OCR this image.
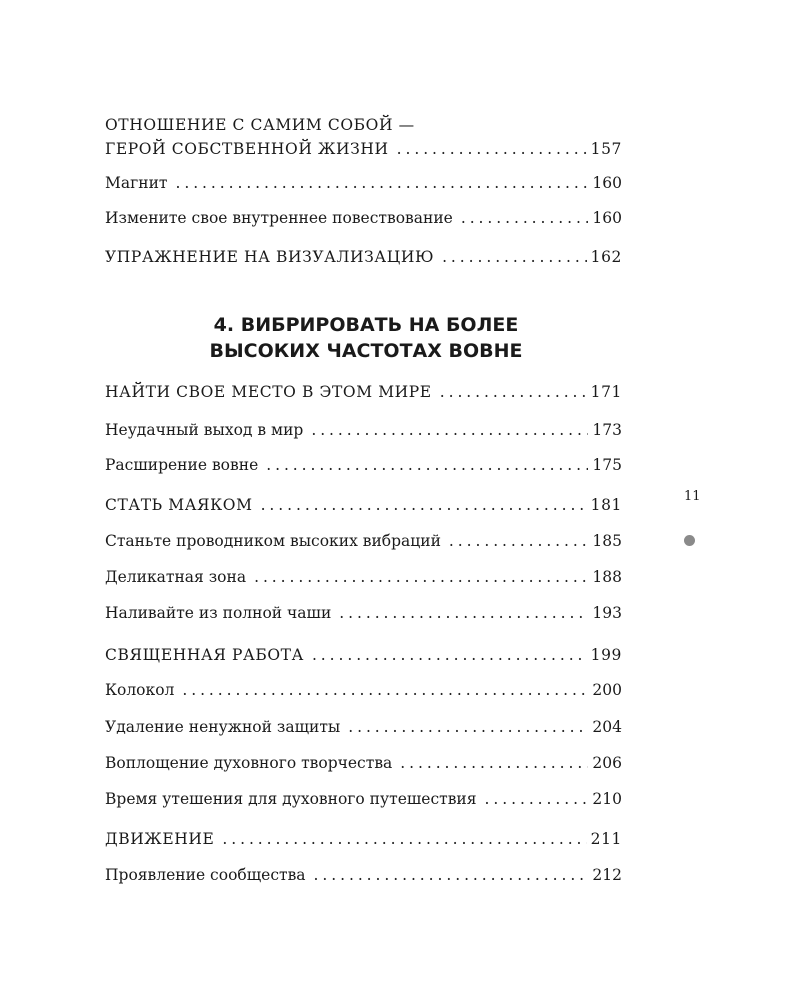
ОТНОШЕНИЕ С САМИМ СОБОЙ —
ГЕРОЙ СОБСТВЕННОЙ ЖИЗНИ . . .	157
Магнит . . .	160
Измените свое внутреннее повествование . . .	160
УПРАЖНЕНИЕ НА ВИЗУАЛИЗАЦИЮ . . .	162
4. ВИБРИРОВАТЬ НА БОЛЕЕ
ВЫСОКИХ ЧАСТОТАХ ВОВНЕ
НАЙТИ СВОЕ МЕСТО В ЭТОМ МИРЕ . . .	171
Неудачный выход в мир . . .	173
Расширение вовне . . .	175
СТАТЬ МАЯКОМ . . .	181
Станьте проводником высоких вибраций . . .	185
Деликатная зона . . .	188
Наливайте из полной чаши . . .	193
СВЯЩЕННАЯ РАБОТА . . .	199
Колокол . . .	200
Удаление ненужной защиты . . .	204
Воплощение духовного творчества . . .	206
Время утешения для духовного путешествия . . .	210
ДВИЖЕНИЕ . . .	211
Проявление сообщества . . .	212
11
